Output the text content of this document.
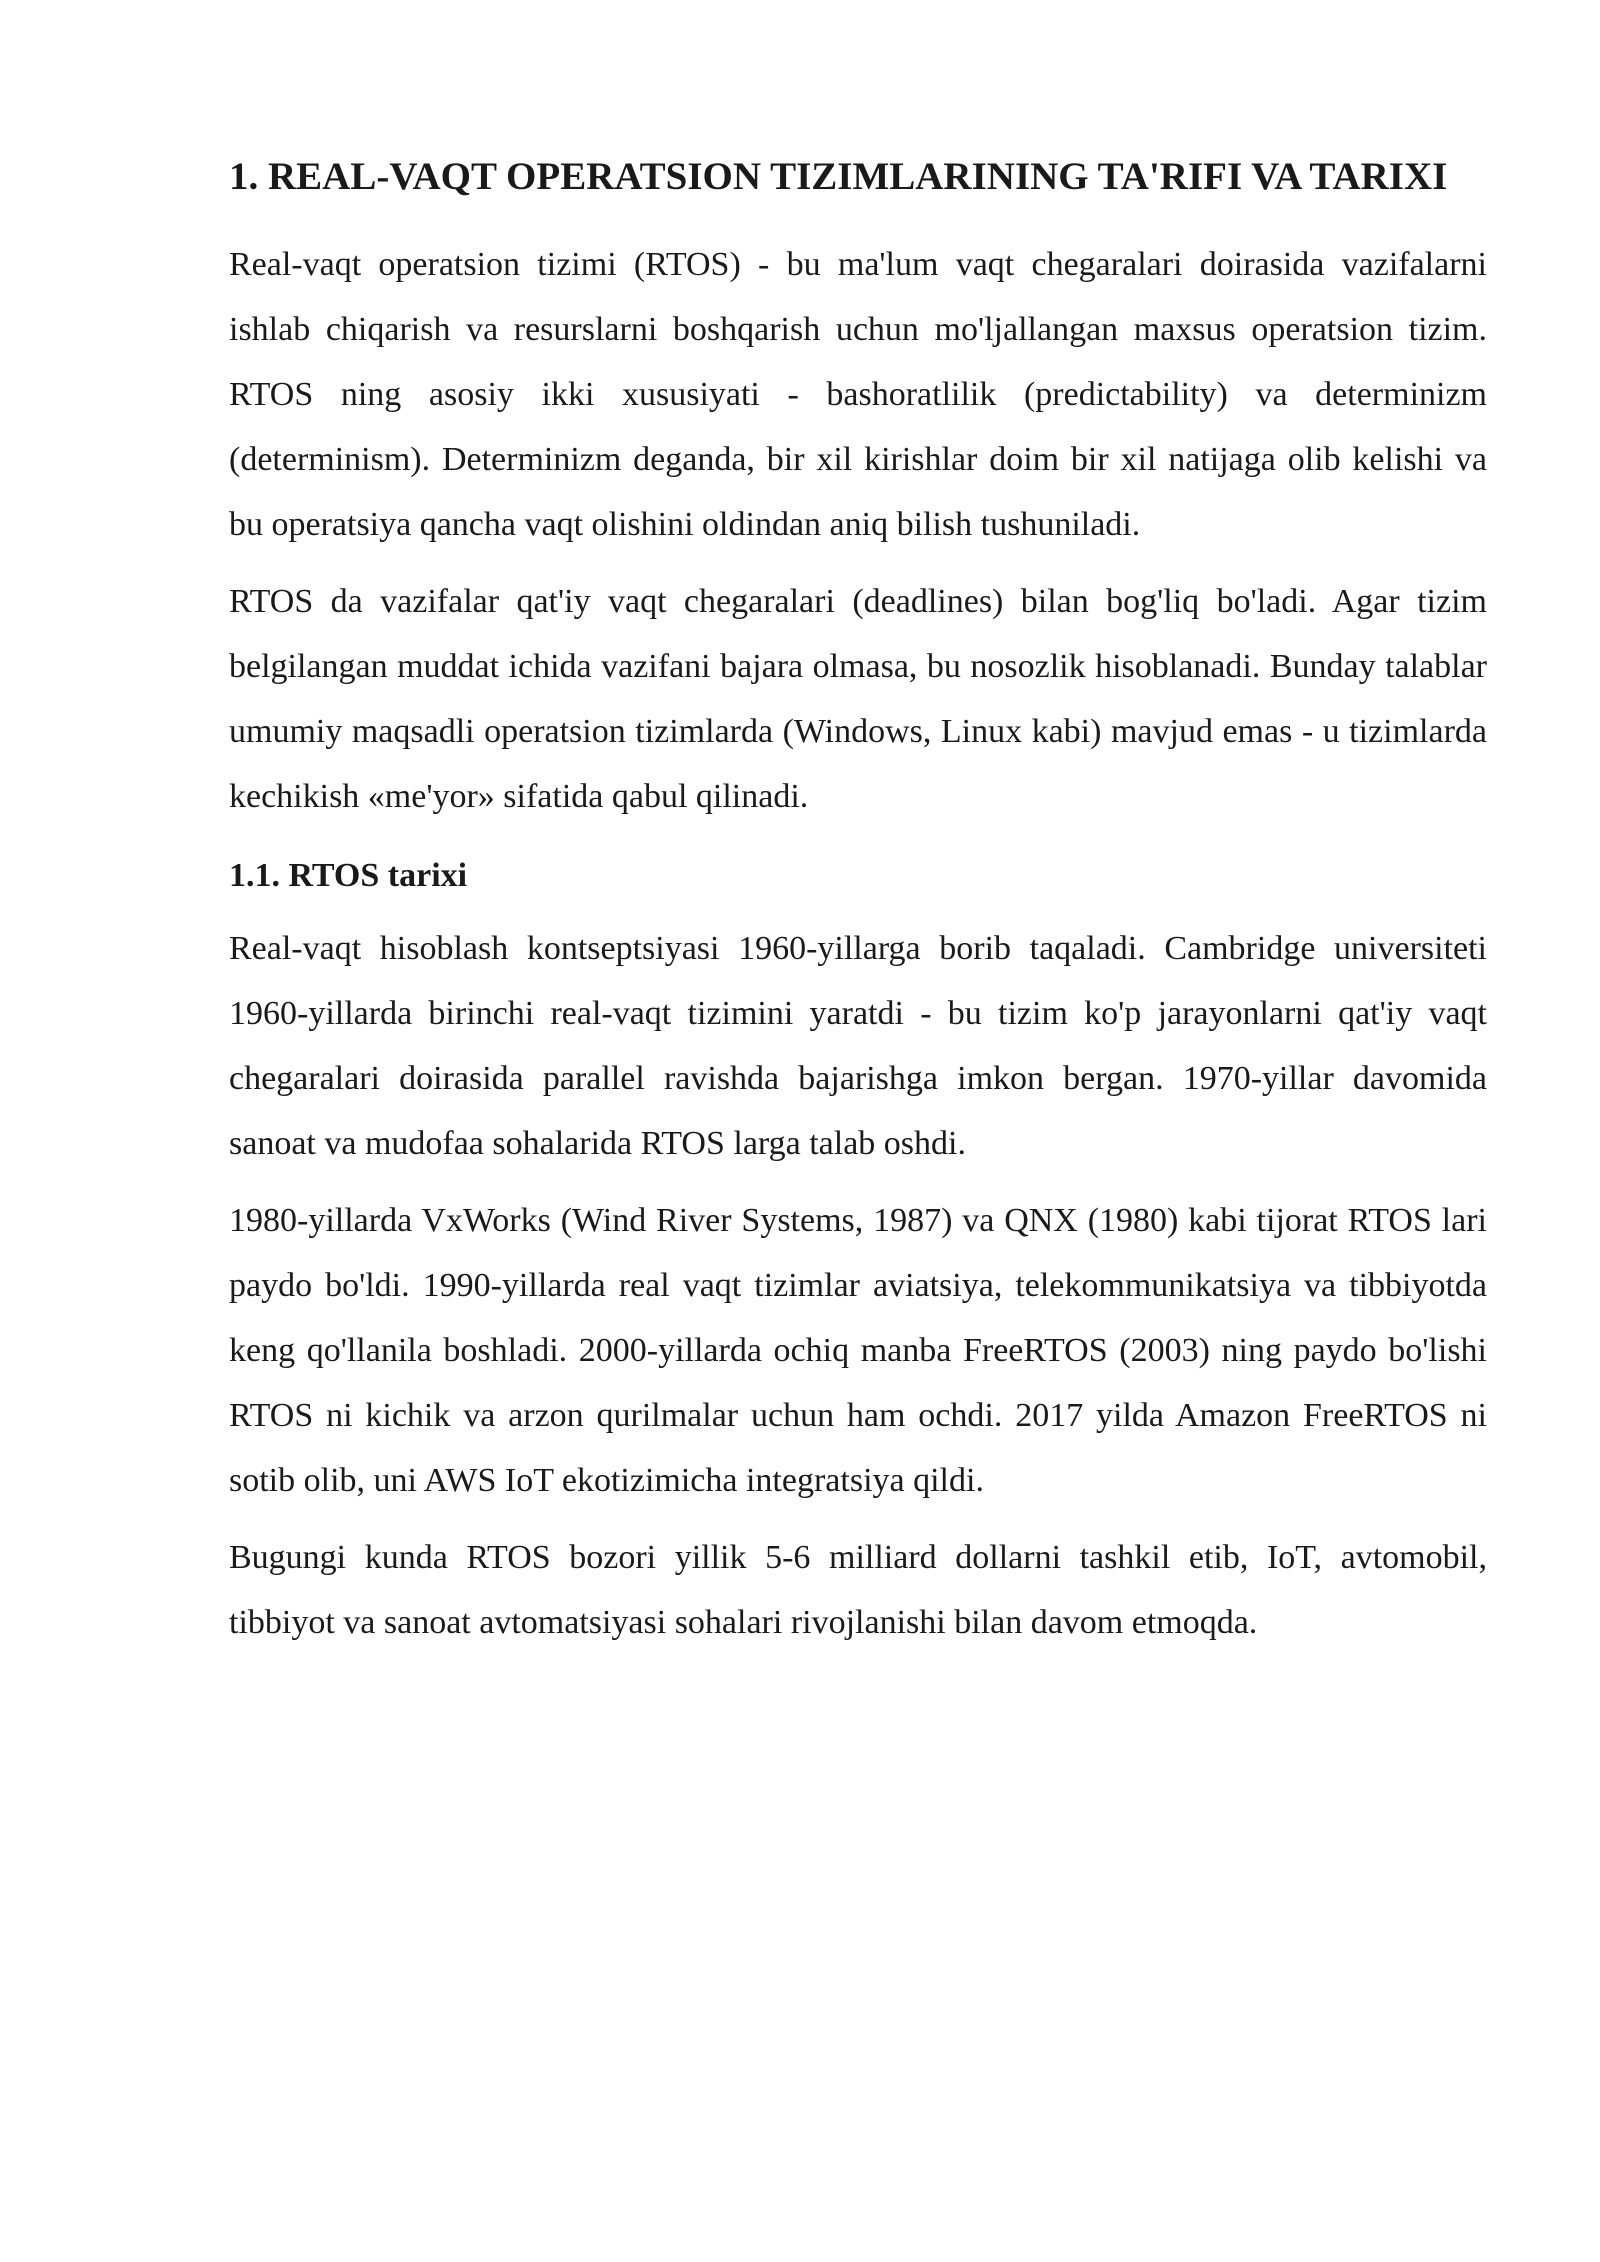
1. REAL-VAQT OPERATSION TIZIMLARINING TA'RIFI VA TARIXI

Real-vaqt operatsion tizimi (RTOS) - bu ma'lum vaqt chegaralari doirasida vazifalarni ishlab chiqarish va resurslarni boshqarish uchun mo'ljallangan maxsus operatsion tizim. RTOS ning asosiy ikki xususiyati - bashoratlilik (predictability) va determinizm (determinism). Determinizm deganda, bir xil kirishlar doim bir xil natijaga olib kelishi va bu operatsiya qancha vaqt olishini oldindan aniq bilish tushuniladi.

RTOS da vazifalar qat'iy vaqt chegaralari (deadlines) bilan bog'liq bo'ladi. Agar tizim belgilangan muddat ichida vazifani bajara olmasa, bu nosozlik hisoblanadi. Bunday talablar umumiy maqsadli operatsion tizimlarda (Windows, Linux kabi) mavjud emas - u tizimlarda kechikish «me'yor» sifatida qabul qilinadi.

1.1. RTOS tarixi

Real-vaqt hisoblash kontseptsiyasi 1960-yillarga borib taqaladi. Cambridge universiteti 1960-yillarda birinchi real-vaqt tizimini yaratdi - bu tizim ko'p jarayonlarni qat'iy vaqt chegaralari doirasida parallel ravishda bajarishga imkon bergan. 1970-yillar davomida sanoat va mudofaa sohalarida RTOS larga talab oshdi.

1980-yillarda VxWorks (Wind River Systems, 1987) va QNX (1980) kabi tijorat RTOS lari paydo bo'ldi. 1990-yillarda real vaqt tizimlar aviatsiya, telekommunikatsiya va tibbiyotda keng qo'llanila boshladi. 2000-yillarda ochiq manba FreeRTOS (2003) ning paydo bo'lishi RTOS ni kichik va arzon qurilmalar uchun ham ochdi. 2017 yilda Amazon FreeRTOS ni sotib olib, uni AWS IoT ekotizimicha integratsiya qildi.

Bugungi kunda RTOS bozori yillik 5-6 milliard dollarni tashkil etib, IoT, avtomobil, tibbiyot va sanoat avtomatsiyasi sohalari rivojlanishi bilan davom etmoqda.
